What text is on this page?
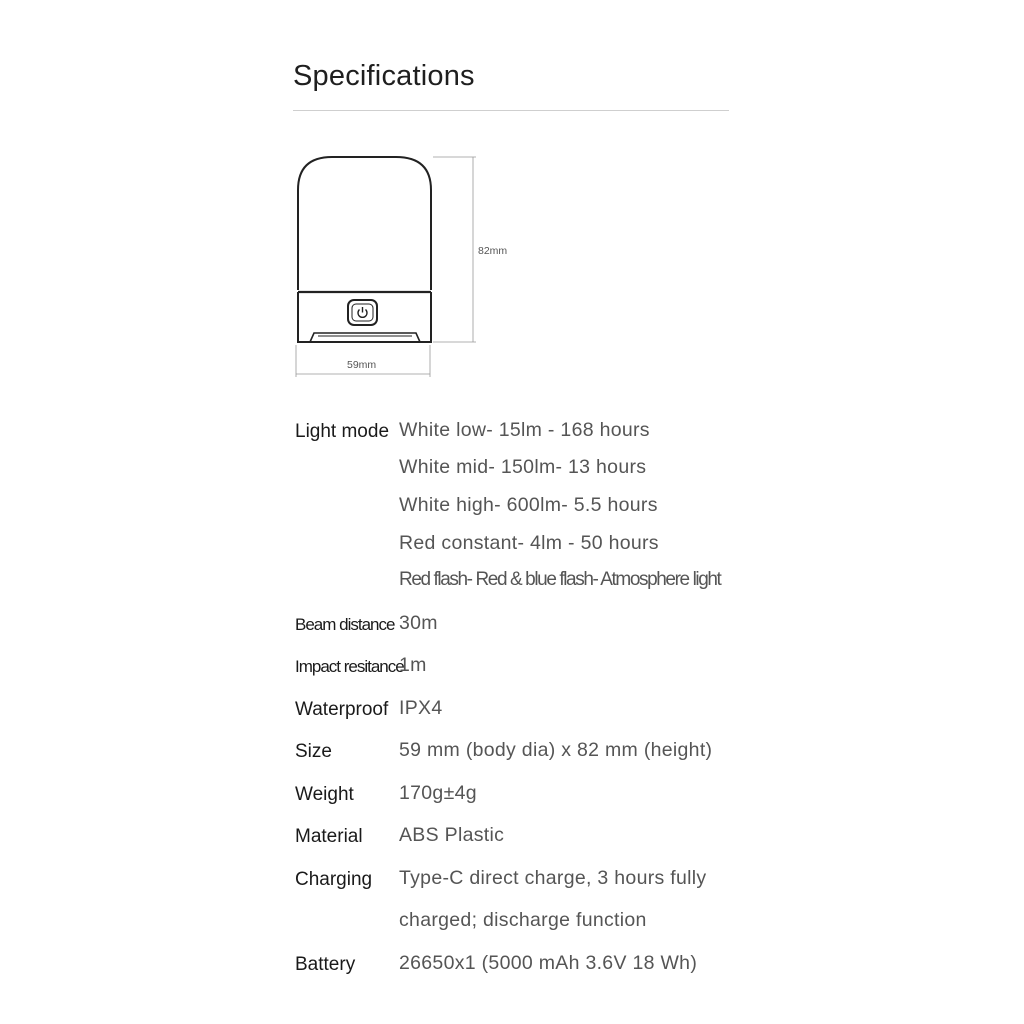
Specifications
82mm
59mm
Light mode White low- 15lm - 168 hours
White mid- 150lm- 13 hours
White high- 600lm- 5.5 hours
Red constant- 4lm - 50 hours
Red flash- Red & blue flash- Atmosphere light
Beam distance 30m
Impact resitance
1m
Waterproof IPX4
Size	59 mm (body dia) x 82 mm (height)
Weight 170g±4g
Material ABS Plastic
Charging Type-C direct charge, 3 hours fully
charged; discharge function
Battery 26650x1 (5000 mAh 3.6V 18 Wh)
